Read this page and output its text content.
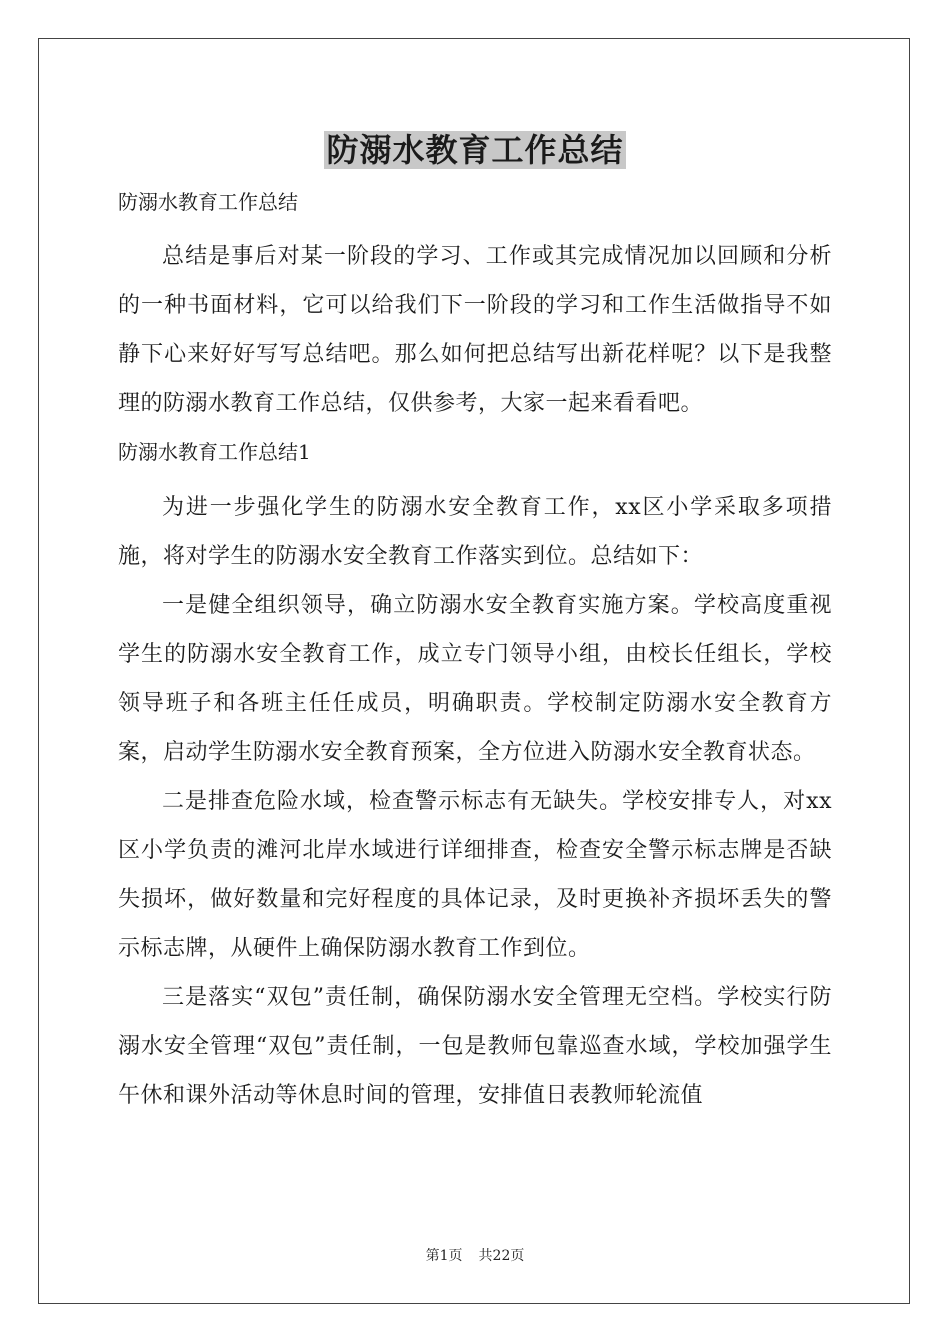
防溺水教育工作总结

防溺水教育工作总结

总结是事后对某一阶段的学习、工作或其完成情况加以回顾和分析的一种书面材料，它可以给我们下一阶段的学习和工作生活做指导不如静下心来好好写写总结吧。那么如何把总结写出新花样呢？以下是我整理的防溺水教育工作总结，仅供参考，大家一起来看看吧。

防溺水教育工作总结1

为进一步强化学生的防溺水安全教育工作，xx区小学采取多项措施，将对学生的防溺水安全教育工作落实到位。总结如下：

一是健全组织领导，确立防溺水安全教育实施方案。学校高度重视学生的防溺水安全教育工作，成立专门领导小组，由校长任组长，学校领导班子和各班主任任成员，明确职责。学校制定防溺水安全教育方案，启动学生防溺水安全教育预案，全方位进入防溺水安全教育状态。

二是排查危险水域，检查警示标志有无缺失。学校安排专人，对xx区小学负责的滩河北岸水域进行详细排查，检查安全警示标志牌是否缺失损坏，做好数量和完好程度的具体记录，及时更换补齐损坏丢失的警示标志牌，从硬件上确保防溺水教育工作到位。

三是落实“双包”责任制，确保防溺水安全管理无空档。学校实行防溺水安全管理“双包”责任制，一包是教师包靠巡查水域，学校加强学生午休和课外活动等休息时间的管理，安排值日表教师轮流值

第1页 共22页
